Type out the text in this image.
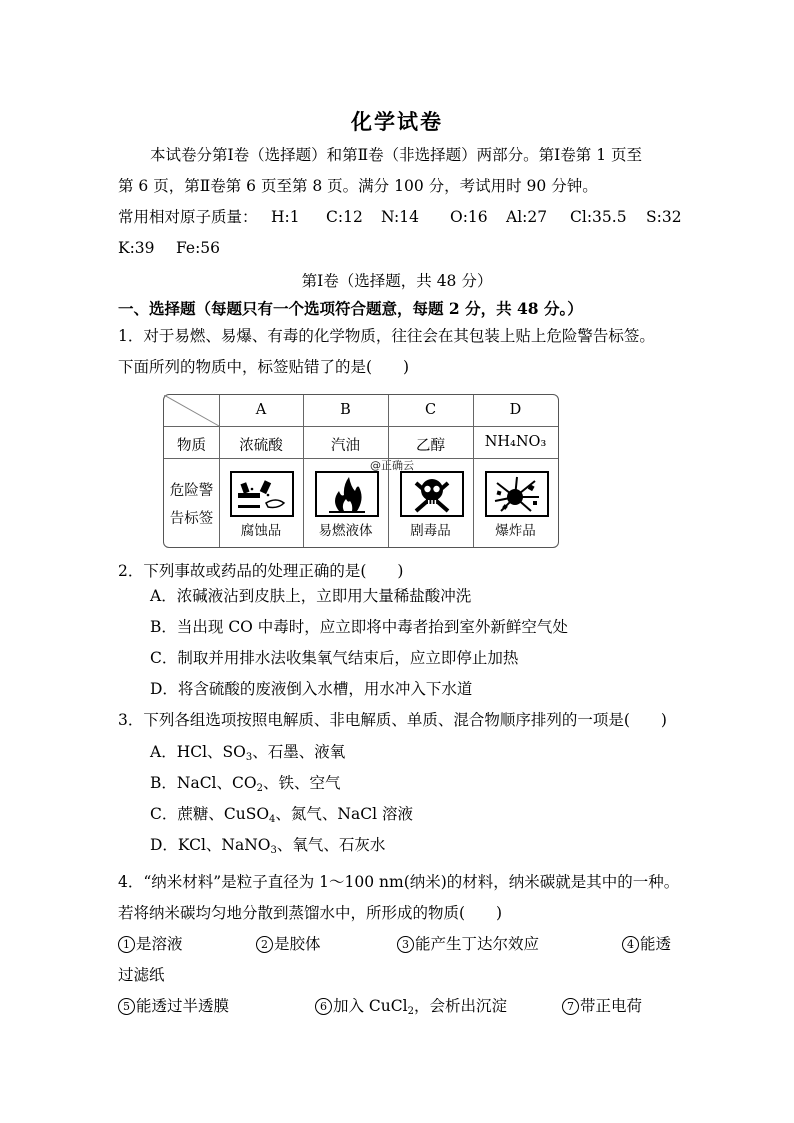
化学试卷
本试卷分第Ⅰ卷（选择题）和第Ⅱ卷（非选择题）两部分。第Ⅰ卷第 1 页至
第 6 页，第Ⅱ卷第 6 页至第 8 页。满分 100 分，考试用时 90 分钟。
常用相对原子质量： H:1 C:12 N:14 O:16 Al:27 Cl:35.5 S:32
K:39 Fe:56
第Ⅰ卷（选择题，共 48 分）
一、选择题（每题只有一个选项符合题意，每题 2 分，共 48 分。）
1．对于易燃、易爆、有毒的化学物质，往往会在其包装上贴上危险警告标签。
下面所列的物质中，标签贴错了的是(　　)
A	B	C	D
物质	浓硫酸	汽油	乙醇	NH₄NO₃
危险警
告标签
腐蚀品	易燃液体	剧毒品	爆炸品
@正确云
2．下列事故或药品的处理正确的是(　　)
A．浓碱液沾到皮肤上，立即用大量稀盐酸冲洗
B．当出现 CO 中毒时，应立即将中毒者抬到室外新鲜空气处
C．制取并用排水法收集氧气结束后，应立即停止加热
D．将含硫酸的废液倒入水槽，用水冲入下水道
3．下列各组选项按照电解质、非电解质、单质、混合物顺序排列的一项是(　　)
A．HCl、$SO_3$、石墨、液氧
B．NaCl、$CO_2$、铁、空气
C．蔗糖、CuSO$_4$、氮气、NaCl 溶液
D．KCl、NaNO$_3$、氧气、石灰水
4．“纳米材料”是粒子直径为 1～100 nm(纳米)的材料，纳米碳就是其中的一种。
若将纳米碳均匀地分散到蒸馏水中，所形成的物质(　　)
1 是溶液	2 是胶体	3 能产生丁达尔效应	4 能透
过滤纸
5 能透过半透膜	6 加入 CuCl$_2$，会析出沉淀	7 带正电荷
